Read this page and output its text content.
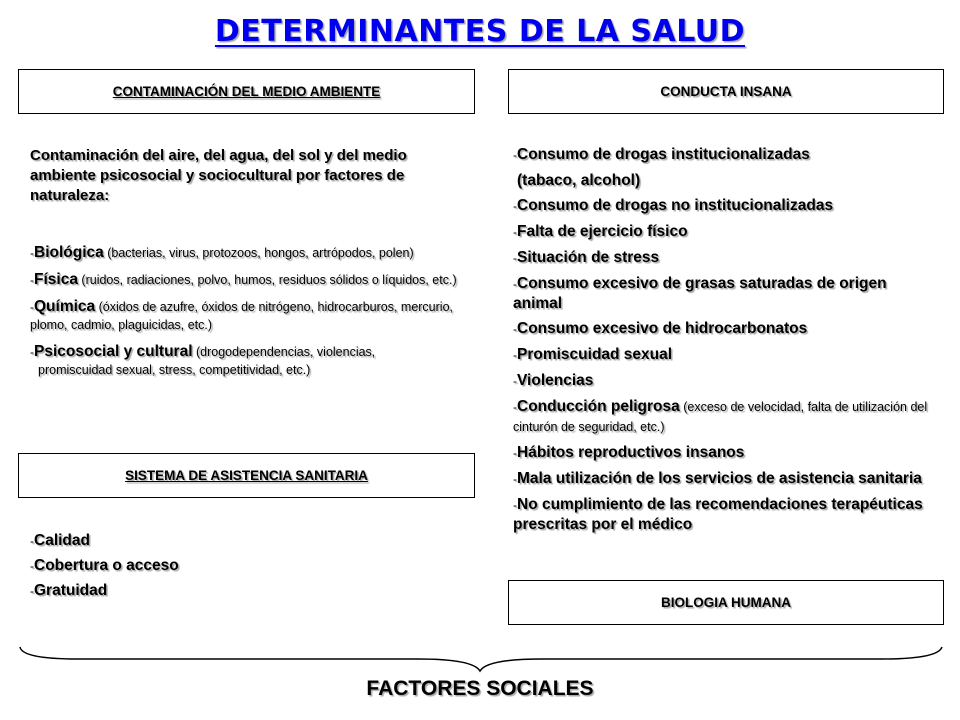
DETERMINANTES DE LA SALUD
CONTAMINACIÓN DEL MEDIO AMBIENTE	CONDUCTA INSANA
Contaminación del aire, del agua, del sol y del medio ambiente psicosocial y sociocultural por factores de naturaleza:
-Biológica (bacterias, virus, protozoos, hongos, artrópodos, polen)
-Física (ruidos, radiaciones, polvo, humos, residuos sólidos o líquidos, etc.)
-Química (óxidos de azufre, óxidos de nitrógeno, hidrocarburos, mercurio, plomo, cadmio, plaguicidas, etc.)
-Psicosocial y cultural (drogodependencias, violencias,
promiscuidad sexual, stress, competitividad, etc.)
SISTEMA DE ASISTENCIA SANITARIA
-Calidad
-Cobertura o acceso
-Gratuidad
-Consumo de drogas institucionalizadas
(tabaco, alcohol)
-Consumo de drogas no institucionalizadas
-Falta de ejercicio físico
-Situación de stress
-Consumo excesivo de grasas saturadas de origen animal
-Consumo excesivo de hidrocarbonatos
-Promiscuidad sexual
-Violencias
-Conducción peligrosa (exceso de velocidad, falta de utilización del cinturón de seguridad, etc.)
-Hábitos reproductivos insanos
-Mala utilización de los servicios de asistencia sanitaria
-No cumplimiento de las recomendaciones terapéuticas prescritas por el médico
BIOLOGIA HUMANA
FACTORES SOCIALES
